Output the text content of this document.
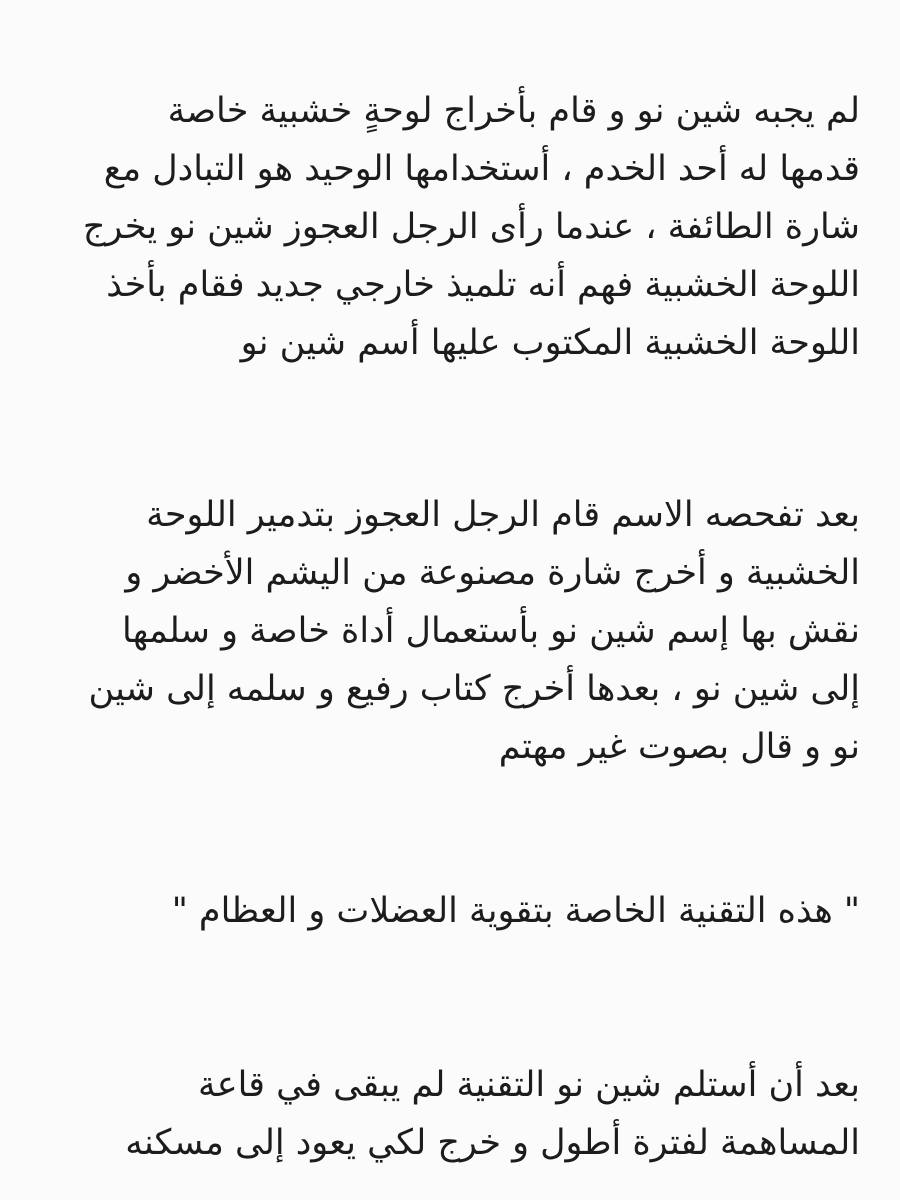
لم يجبه شين نو و قام بأخراج لوحةٍ خشبية خاصة
قدمها له أحد الخدم ، أستخدامها الوحيد هو التبادل مع
شارة الطائفة ، عندما رأى الرجل العجوز شين نو يخرج
اللوحة الخشبية فهم أنه تلميذ خارجي جديد فقام بأخذ
اللوحة الخشبية المكتوب عليها أسم شين نو

بعد تفحصه الاسم قام الرجل العجوز بتدمير اللوحة
الخشبية و أخرج شارة مصنوعة من اليشم الأخضر و
نقش بها إسم شين نو بأستعمال أداة خاصة و سلمها
إلى شين نو ، بعدها أخرج كتاب رفيع و سلمه إلى شين
نو و قال بصوت غير مهتم

" هذه التقنية الخاصة بتقوية العضلات و العظام "

بعد أن أستلم شين نو التقنية لم يبقى في قاعة
المساهمة لفترة أطول و خرج لكي يعود إلى مسكنه
